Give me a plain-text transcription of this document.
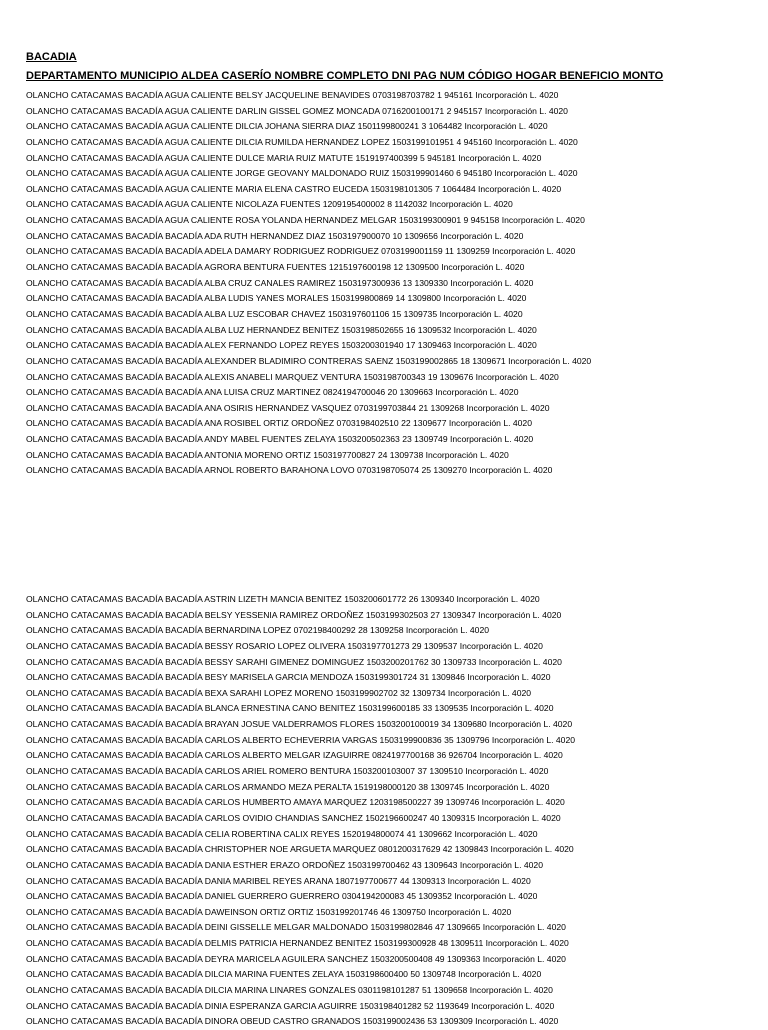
BACADIA
DEPARTAMENTO MUNICIPIO ALDEA CASERÍO NOMBRE COMPLETO DNI PAG NUM CÓDIGO HOGAR BENEFICIO MONTO
OLANCHO CATACAMAS BACADÍA AGUA CALIENTE BELSY JACQUELINE BENAVIDES 0703198703782 1 945161 Incorporación L. 4020
OLANCHO CATACAMAS BACADÍA AGUA CALIENTE DARLIN GISSEL GOMEZ MONCADA 0716200100171 2 945157 Incorporación L. 4020
OLANCHO CATACAMAS BACADÍA AGUA CALIENTE DILCIA JOHANA SIERRA DIAZ 1501199800241 3 1064482 Incorporación L. 4020
OLANCHO CATACAMAS BACADÍA AGUA CALIENTE DILCIA RUMILDA HERNANDEZ LOPEZ 1503199101951 4 945160 Incorporación L. 4020
OLANCHO CATACAMAS BACADÍA AGUA CALIENTE DULCE MARIA RUIZ MATUTE 1519197400399 5 945181 Incorporación L. 4020
OLANCHO CATACAMAS BACADÍA AGUA CALIENTE JORGE GEOVANY MALDONADO RUIZ 1503199901460 6 945180 Incorporación L. 4020
OLANCHO CATACAMAS BACADÍA AGUA CALIENTE MARIA ELENA CASTRO EUCEDA 1503198101305 7 1064484 Incorporación L. 4020
OLANCHO CATACAMAS BACADÍA AGUA CALIENTE NICOLAZA FUENTES 1209195400002 8 1142032 Incorporación L. 4020
OLANCHO CATACAMAS BACADÍA AGUA CALIENTE ROSA YOLANDA HERNANDEZ MELGAR 1503199300901 9 945158 Incorporación L. 4020
OLANCHO CATACAMAS BACADÍA BACADÍA ADA RUTH HERNANDEZ DIAZ 1503197900070 10 1309656 Incorporación L. 4020
OLANCHO CATACAMAS BACADÍA BACADÍA ADELA DAMARY RODRIGUEZ RODRIGUEZ 0703199001159 11 1309259 Incorporación L. 4020
OLANCHO CATACAMAS BACADÍA BACADÍA AGRORA BENTURA FUENTES 1215197600198 12 1309500 Incorporación L. 4020
OLANCHO CATACAMAS BACADÍA BACADÍA ALBA CRUZ CANALES RAMIREZ 1503197300936 13 1309330 Incorporación L. 4020
OLANCHO CATACAMAS BACADÍA BACADÍA ALBA LUDIS YANES MORALES 1503199800869 14 1309800 Incorporación L. 4020
OLANCHO CATACAMAS BACADÍA BACADÍA ALBA LUZ ESCOBAR CHAVEZ 1503197601106 15 1309735 Incorporación L. 4020
OLANCHO CATACAMAS BACADÍA BACADÍA ALBA LUZ HERNANDEZ BENITEZ 1503198502655 16 1309532 Incorporación L. 4020
OLANCHO CATACAMAS BACADÍA BACADÍA ALEX FERNANDO LOPEZ REYES 1503200301940 17 1309463 Incorporación L. 4020
OLANCHO CATACAMAS BACADÍA BACADÍA ALEXANDER BLADIMIRO CONTRERAS SAENZ 1503199002865 18 1309671 Incorporación L. 4020
OLANCHO CATACAMAS BACADÍA BACADÍA ALEXIS ANABELI MARQUEZ VENTURA 1503198700343 19 1309676 Incorporación L. 4020
OLANCHO CATACAMAS BACADÍA BACADÍA ANA LUISA CRUZ MARTINEZ 0824194700046 20 1309663 Incorporación L. 4020
OLANCHO CATACAMAS BACADÍA BACADÍA ANA OSIRIS HERNANDEZ VASQUEZ 0703199703844 21 1309268 Incorporación L. 4020
OLANCHO CATACAMAS BACADÍA BACADÍA ANA ROSIBEL ORTIZ ORDOÑEZ 0703198402510 22 1309677 Incorporación L. 4020
OLANCHO CATACAMAS BACADÍA BACADÍA ANDY MABEL FUENTES ZELAYA 1503200502363 23 1309749 Incorporación L. 4020
OLANCHO CATACAMAS BACADÍA BACADÍA ANTONIA MORENO ORTIZ 1503197700827 24 1309738 Incorporación L. 4020
OLANCHO CATACAMAS BACADÍA BACADÍA ARNOL ROBERTO BARAHONA LOVO 0703198705074 25 1309270 Incorporación L. 4020
OLANCHO CATACAMAS BACADÍA BACADÍA ASTRIN LIZETH MANCIA BENITEZ 1503200601772 26 1309340 Incorporación L. 4020
OLANCHO CATACAMAS BACADÍA BACADÍA BELSY YESSENIA RAMIREZ ORDOÑEZ 1503199302503 27 1309347 Incorporación L. 4020
OLANCHO CATACAMAS BACADÍA BACADÍA BERNARDINA LOPEZ 0702198400292 28 1309258 Incorporación L. 4020
OLANCHO CATACAMAS BACADÍA BACADÍA BESSY ROSARIO LOPEZ OLIVERA 1503197701273 29 1309537 Incorporación L. 4020
OLANCHO CATACAMAS BACADÍA BACADÍA BESSY SARAHI GIMENEZ DOMINGUEZ 1503200201762 30 1309733 Incorporación L. 4020
OLANCHO CATACAMAS BACADÍA BACADÍA BESY MARISELA GARCIA MENDOZA 1503199301724 31 1309846 Incorporación L. 4020
OLANCHO CATACAMAS BACADÍA BACADÍA BEXA SARAHI LOPEZ MORENO 1503199902702 32 1309734 Incorporación L. 4020
OLANCHO CATACAMAS BACADÍA BACADÍA BLANCA ERNESTINA CANO BENITEZ 1503199600185 33 1309535 Incorporación L. 4020
OLANCHO CATACAMAS BACADÍA BACADÍA BRAYAN JOSUE VALDERRAMOS FLORES 1503200100019 34 1309680 Incorporación L. 4020
OLANCHO CATACAMAS BACADÍA BACADÍA CARLOS ALBERTO ECHEVERRIA VARGAS 1503199900836 35 1309796 Incorporación L. 4020
OLANCHO CATACAMAS BACADÍA BACADÍA CARLOS ALBERTO MELGAR IZAGUIRRE 0824197700168 36 926704 Incorporación L. 4020
OLANCHO CATACAMAS BACADÍA BACADÍA CARLOS ARIEL ROMERO BENTURA 1503200103007 37 1309510 Incorporación L. 4020
OLANCHO CATACAMAS BACADÍA BACADÍA CARLOS ARMANDO MEZA PERALTA 1519198000120 38 1309745 Incorporación L. 4020
OLANCHO CATACAMAS BACADÍA BACADÍA CARLOS HUMBERTO AMAYA MARQUEZ 1203198500227 39 1309746 Incorporación L. 4020
OLANCHO CATACAMAS BACADÍA BACADÍA CARLOS OVIDIO CHANDIAS SANCHEZ 1502196600247 40 1309315 Incorporación L. 4020
OLANCHO CATACAMAS BACADÍA BACADÍA CELIA ROBERTINA CALIX REYES 1520194800074 41 1309662 Incorporación L. 4020
OLANCHO CATACAMAS BACADÍA BACADÍA CHRISTOPHER NOE ARGUETA MARQUEZ 0801200317629 42 1309843 Incorporación L. 4020
OLANCHO CATACAMAS BACADÍA BACADÍA DANIA ESTHER ERAZO ORDOÑEZ 1503199700462 43 1309643 Incorporación L. 4020
OLANCHO CATACAMAS BACADÍA BACADÍA DANIA MARIBEL REYES ARANA 1807197700677 44 1309313 Incorporación L. 4020
OLANCHO CATACAMAS BACADÍA BACADÍA DANIEL GUERRERO GUERRERO 0304194200083 45 1309352 Incorporación L. 4020
OLANCHO CATACAMAS BACADÍA BACADÍA DAWEINSON ORTIZ ORTIZ 1503199201746 46 1309750 Incorporación L. 4020
OLANCHO CATACAMAS BACADÍA BACADÍA DEINI GISSELLE MELGAR MALDONADO 1503199802846 47 1309665 Incorporación L. 4020
OLANCHO CATACAMAS BACADÍA BACADÍA DELMIS PATRICIA HERNANDEZ BENITEZ 1503199300928 48 1309511 Incorporación L. 4020
OLANCHO CATACAMAS BACADÍA BACADÍA DEYRA MARICELA AGUILERA SANCHEZ 1503200500408 49 1309363 Incorporación L. 4020
OLANCHO CATACAMAS BACADÍA BACADÍA DILCIA MARINA FUENTES ZELAYA 1503198600400 50 1309748 Incorporación L. 4020
OLANCHO CATACAMAS BACADÍA BACADÍA DILCIA MARINA LINARES GONZALES 0301198101287 51 1309658 Incorporación L. 4020
OLANCHO CATACAMAS BACADÍA BACADÍA DINIA ESPERANZA GARCIA AGUIRRE 1503198401282 52 1193649 Incorporación L. 4020
OLANCHO CATACAMAS BACADÍA BACADÍA DINORA OBEUD CASTRO GRANADOS 1503199002436 53 1309309 Incorporación L. 4020
